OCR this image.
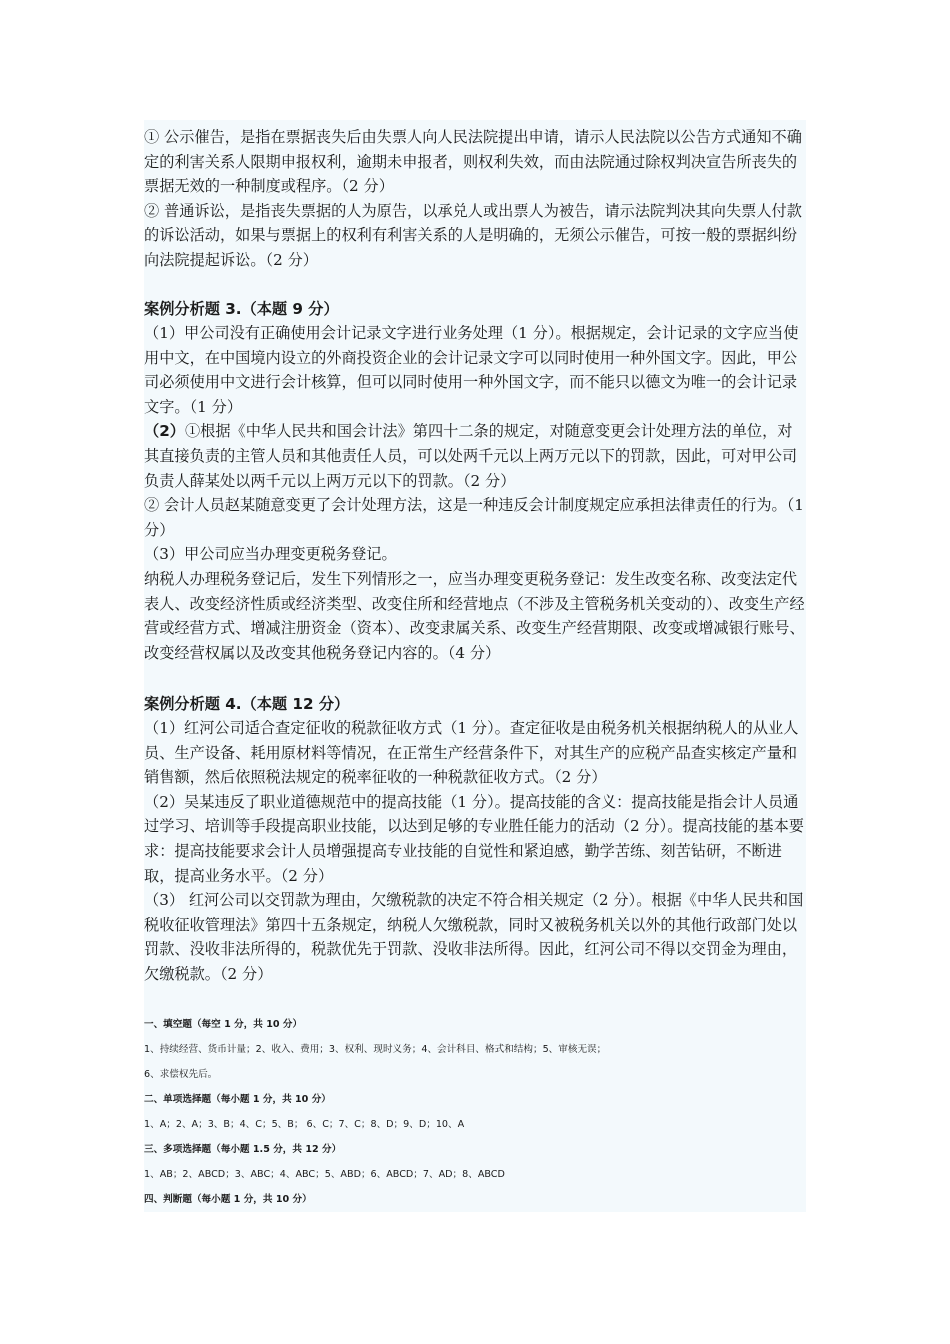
① 公示催告，是指在票据丧失后由失票人向人民法院提出申请，请示人民法院以公告方式通知不确定的利害关系人限期申报权利，逾期未申报者，则权利失效，而由法院通过除权判决宣告所丧失的票据无效的一种制度或程序。（2 分）

② 普通诉讼，是指丧失票据的人为原告，以承兑人或出票人为被告，请示法院判决其向失票人付款的诉讼活动，如果与票据上的权利有利害关系的人是明确的，无须公示催告，可按一般的票据纠纷向法院提起诉讼。（2 分）

案例分析题 3.（本题 9 分）

（1）甲公司没有正确使用会计记录文字进行业务处理（1 分）。根据规定，会计记录的文字应当使用中文，在中国境内设立的外商投资企业的会计记录文字可以同时使用一种外国文字。因此，甲公司必须使用中文进行会计核算，但可以同时使用一种外国文字，而不能只以德文为唯一的会计记录文字。（1 分）

（2）①根据《中华人民共和国会计法》第四十二条的规定，对随意变更会计处理方法的单位，对其直接负责的主管人员和其他责任人员，可以处两千元以上两万元以下的罚款，因此，可对甲公司负责人薛某处以两千元以上两万元以下的罚款。（2 分）

② 会计人员赵某随意变更了会计处理方法，这是一种违反会计制度规定应承担法律责任的行为。（1 分）

（3）甲公司应当办理变更税务登记。

纳税人办理税务登记后，发生下列情形之一，应当办理变更税务登记：发生改变名称、改变法定代表人、改变经济性质或经济类型、改变住所和经营地点（不涉及主管税务机关变动的）、改变生产经营或经营方式、增减注册资金（资本）、改变隶属关系、改变生产经营期限、改变或增减银行账号、改变经营权属以及改变其他税务登记内容的。（4 分）

案例分析题 4.（本题 12 分）

（1）红河公司适合查定征收的税款征收方式（1 分）。查定征收是由税务机关根据纳税人的从业人员、生产设备、耗用原材料等情况，在正常生产经营条件下，对其生产的应税产品查实核定产量和销售额，然后依照税法规定的税率征收的一种税款征收方式。（2 分）

（2）吴某违反了职业道德规范中的提高技能（1 分）。提高技能的含义：提高技能是指会计人员通过学习、培训等手段提高职业技能，以达到足够的专业胜任能力的活动（2 分）。提高技能的基本要求：提高技能要求会计人员增强提高专业技能的自觉性和紧迫感，勤学苦练、刻苦钻研，不断进取，提高业务水平。（2 分）

（3） 红河公司以交罚款为理由，欠缴税款的决定不符合相关规定（2 分）。根据《中华人民共和国税收征收管理法》第四十五条规定，纳税人欠缴税款，同时又被税务机关以外的其他行政部门处以罚款、没收非法所得的，税款优先于罚款、没收非法所得。因此，红河公司不得以交罚金为理由，欠缴税款。（2 分）

一、填空题（每空 1 分，共 10 分）
1、持续经营、货币计量；2、收入、费用；3、权利、现时义务；4、会计科目、格式和结构；5、审核无误；
6、求偿权先后。
二、单项选择题（每小题 1 分，共 10 分）
1、A；2、A；3、B；4、C；5、B； 6、C；7、C；8、D；9、D；10、A
三、多项选择题（每小题 1.5 分，共 12 分）
1、AB；2、ABCD；3、ABC；4、ABC；5、ABD；6、ABCD；7、AD；8、ABCD
四、判断题（每小题 1 分，共 10 分）
